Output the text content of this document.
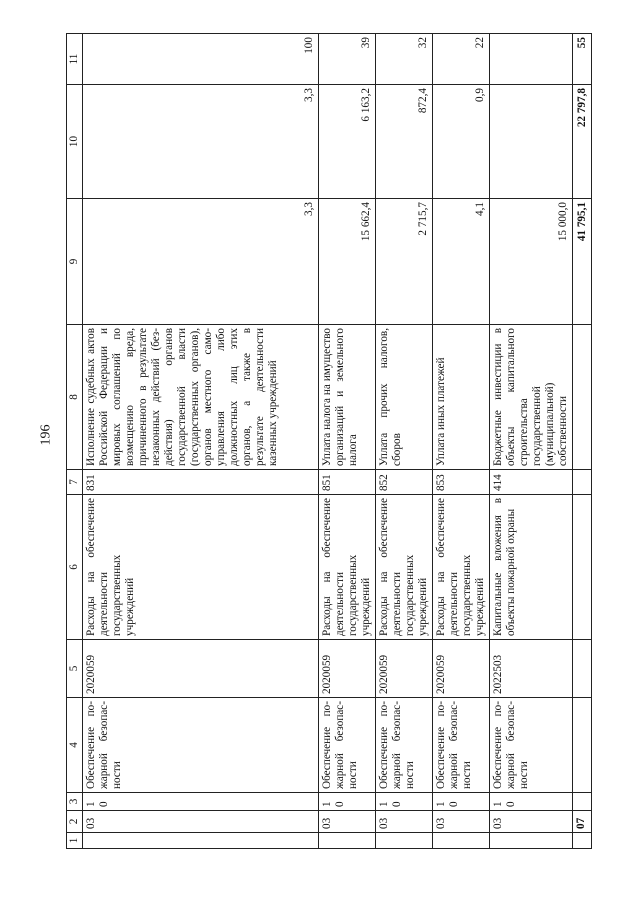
196
1	2	3	4	5	6	7	8	9	10	11
	03	10	Обеспечение пожарной безопасности	2020059	Расходы на обеспечение деятельности государственных учреждений	831	Исполнение судебных актов Российской Федерации и мировых соглашений по возмещению вреда, причиненного в результате незаконных действий (бездействия) органов государственной власти (государственных органов), органов местного самоуправления либо должностных лиц этих органов, а также в результате деятельности казенных учреждений	3,3	3,3	100
	03	10	Обеспечение пожарной безопасности	2020059	Расходы на обеспечение деятельности государственных учреждений	851	Уплата налога на имущество организаций и земельного налога	15 662,4	6 163,2	39
	03	10	Обеспечение пожарной безопасности	2020059	Расходы на обеспечение деятельности государственных учреждений	852	Уплата прочих налогов, сборов	2 715,7	872,4	32
	03	10	Обеспечение пожарной безопасности	2020059	Расходы на обеспечение деятельности государственных учреждений	853	Уплата иных платежей	4,1	0,9	22
	03	10	Обеспечение пожарной безопасности	2022503	Капитальные вложения в объекты пожарной охраны	414	Бюджетные инвестиции в объекты капитального строительства государственной (муниципальной) собственности	15 000,0		
	07							41 795,1	22 797,8	55
